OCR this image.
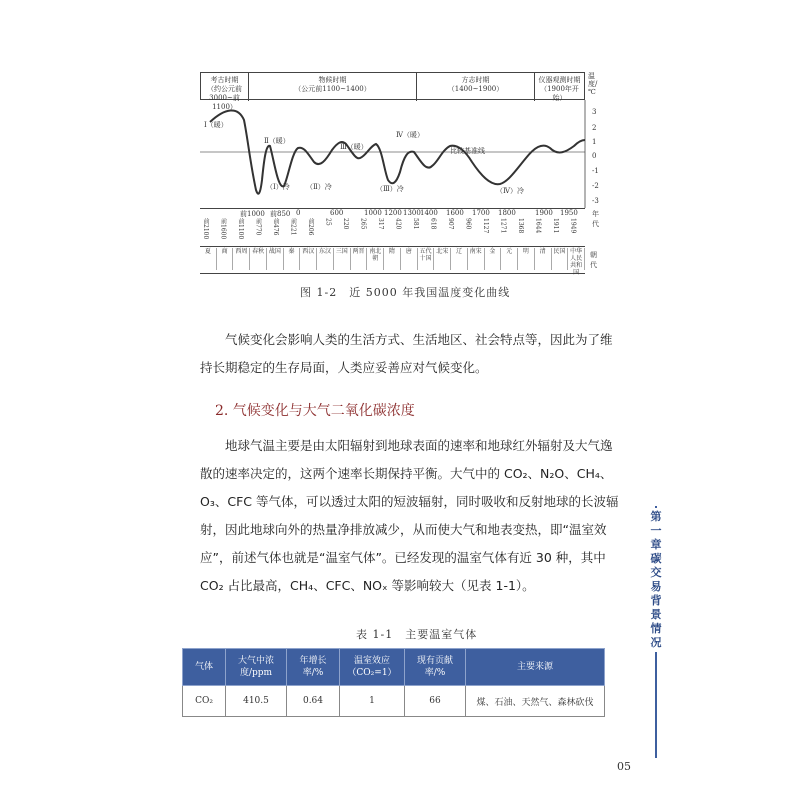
考古时期
（约公元前3000~前1100）
物候时期
（公元前1100~1400）
方志时期
（1400~1900）
仪器观测时期
（1900年开始）
温度/℃
比较基准线
Ⅰ（暖）
Ⅱ（暖）
Ⅲ（暖）
Ⅳ（暖）
（Ⅰ）冷 （Ⅱ）冷	（Ⅲ）冷	（Ⅳ）冷
3
2
1
0
-1
-2
-3
前1000 前850 0	600	1000 1200 1300 1400 1600 1700 1800	1900 1950 年代
前2100 前1600 前1100 前770 前476 前221 前206 25 220 265 317 420 581 618 907 960 1127 1271 1368 1644 1911 1949
夏	商	西周 春秋 战国	秦	西汉 东汉 三国 两晋 南北朝
隋	唐	五代十国
北宋	辽	南宋	金	元	明	清	民国 中华人民共和国
朝代
图 1-2　近 5000 年我国温度变化曲线
气候变化会影响人类的生活方式、生活地区、社会特点等，因此为了维持长期稳定的生存局面，人类应妥善应对气候变化。
2. 气候变化与大气二氧化碳浓度
地球气温主要是由太阳辐射到地球表面的速率和地球红外辐射及大气逸散的速率决定的，这两个速率长期保持平衡。大气中的 CO₂、N₂O、CH₄、O₃、CFC 等气体，可以透过太阳的短波辐射，同时吸收和反射地球的长波辐射，因此地球向外的热量净排放减少，从而使大气和地表变热，即“温室效应”，前述气体也就是“温室气体”。已经发现的温室气体有近 30 种，其中 CO₂ 占比最高，CH₄、CFC、NOₓ 等影响较大（见表 1-1）。
表 1-1　主要温室气体
气体	大气中浓度/ppm	年增长率/%	温室效应（CO₂=1）	现有贡献率/%	主要来源
CO₂	410.5	0.64	1	66	煤、石油、天然气、森林砍伐
第一章 碳交易背景情况
05
